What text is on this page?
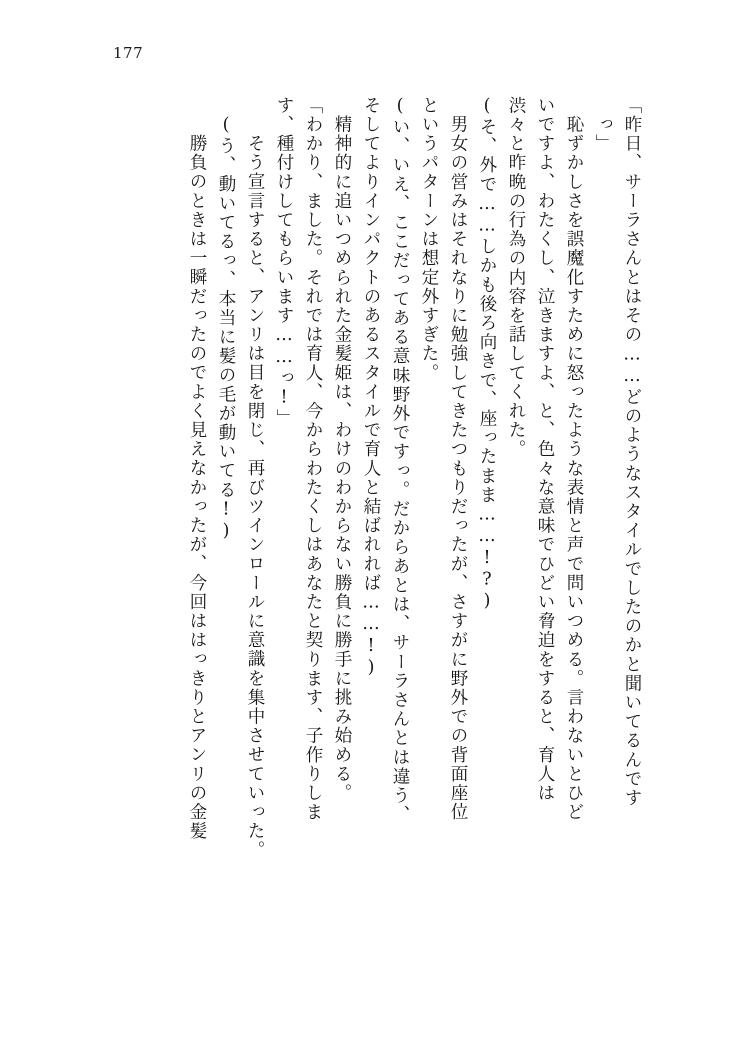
177
「昨日、サーラさんとはその……どのようなスタイルでしたのかと聞いてるんです
っ」
　恥ずかしさを誤魔化すために怒ったような表情と声で問いつめる。言わないとひど
いですよ、わたくし、泣きますよ、と、色々な意味でひどい脅迫をすると、育人は
渋々と昨晩の行為の内容を話してくれた。
(そ、外で……しかも後ろ向きで、座ったまま……!?)
　男女の営みはそれなりに勉強してきたつもりだったが、さすがに野外での背面座位
というパターンは想定外すぎた。
(い、いえ、ここだってある意味野外ですっ。だからあとは、サーラさんとは違う、
そしてよりインパクトのあるスタイルで育人と結ばれれば……!)
　精神的に追いつめられた金髪姫は、わけのわからない勝負に勝手に挑み始める。
「わかり、ました。それでは育人、今からわたくしはあなたと契ります、子作りしま
す、種付けしてもらいます……っ!」
　そう宣言すると、アンリは目を閉じ、再びツインロールに意識を集中させていった。
(う、動いてるっ、本当に髪の毛が動いてる!)
　勝負のときは一瞬だったのでよく見えなかったが、今回ははっきりとアンリの金髪
